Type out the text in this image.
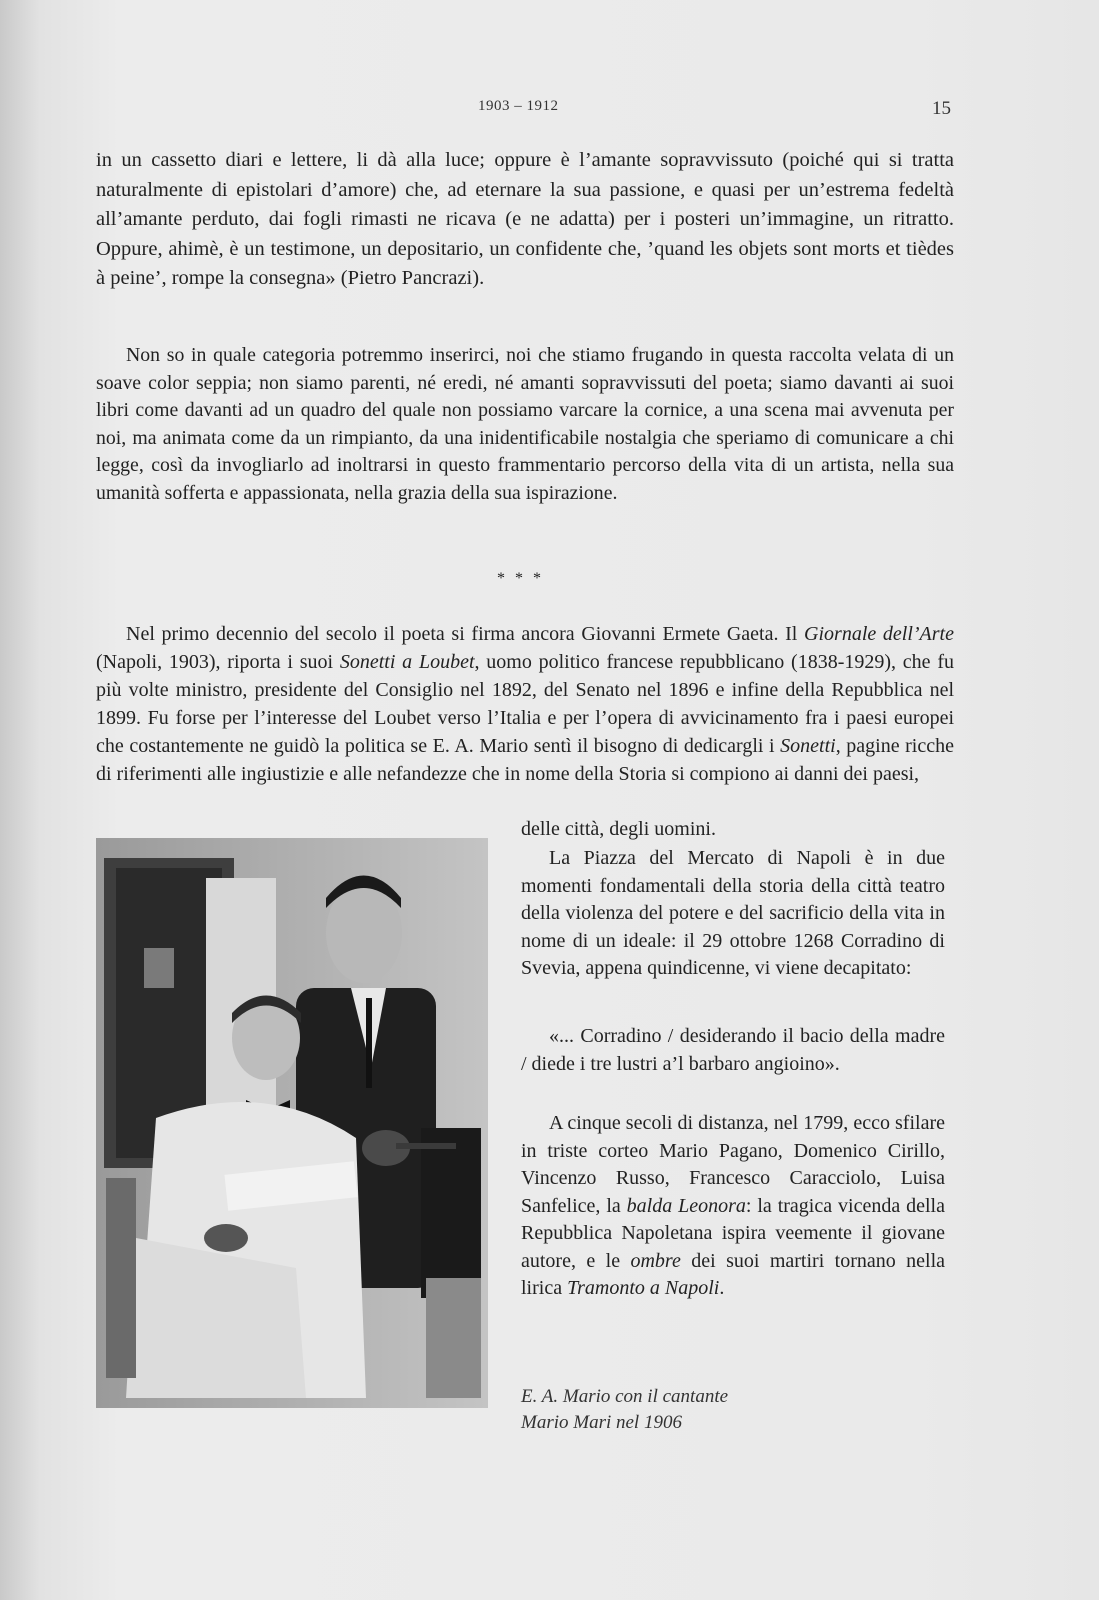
1903 – 1912	15

in un cassetto diari e lettere, li dà alla luce; oppure è l’amante sopravvissuto (poiché qui si tratta naturalmente di epistolari d’amore) che, ad eternare la sua passione, e quasi per un’estrema fedeltà all’amante perduto, dai fogli rimasti ne ricava (e ne adatta) per i posteri un’immagine, un ritratto. Oppure, ahimè, è un testimone, un depositario, un confidente che, ’quand les objets sont morts et tièdes à peine’, rompe la consegna» (Pietro Pancrazi).

Non so in quale categoria potremmo inserirci, noi che stiamo frugando in questa raccolta velata di un soave color seppia; non siamo parenti, né eredi, né amanti sopravvissuti del poeta; siamo davanti ai suoi libri come davanti ad un quadro del quale non possiamo varcare la cornice, a una scena mai avvenuta per noi, ma animata come da un rimpianto, da una inidentificabile nostalgia che speriamo di comunicare a chi legge, così da invogliarlo ad inoltrarsi in questo frammentario percorso della vita di un artista, nella sua umanità sofferta e appassionata, nella grazia della sua ispirazione.

* * *

Nel primo decennio del secolo il poeta si firma ancora Giovanni Ermete Gaeta. Il Giornale dell’Arte (Napoli, 1903), riporta i suoi Sonetti a Loubet, uomo politico francese repubblicano (1838-1929), che fu più volte ministro, presidente del Consiglio nel 1892, del Senato nel 1896 e infine della Repubblica nel 1899. Fu forse per l’interesse del Loubet verso l’Italia e per l’opera di avvicinamento fra i paesi europei che costantemente ne guidò la politica se E. A. Mario sentì il bisogno di dedicargli i Sonetti, pagine ricche di riferimenti alle ingiustizie e alle nefandezze che in nome della Storia si compiono ai danni dei paesi,

delle città, degli uomini.

La Piazza del Mercato di Napoli è in due momenti fondamentali della storia della città teatro della violenza del potere e del sacrificio della vita in nome di un ideale: il 29 ottobre 1268 Corradino di Svevia, appena quindicenne, vi viene decapitato:

«... Corradino / desiderando il bacio della madre / diede i tre lustri a’l barbaro angioino».

A cinque secoli di distanza, nel 1799, ecco sfilare in triste corteo Mario Pagano, Domenico Cirillo, Vincenzo Russo, Francesco Caracciolo, Luisa Sanfelice, la balda Leonora: la tragica vicenda della Repubblica Napoletana ispira veemente il giovane autore, e le ombre dei suoi martiri tornano nella lirica Tramonto a Napoli.

E. A. Mario con il cantante
Mario Mari nel 1906
